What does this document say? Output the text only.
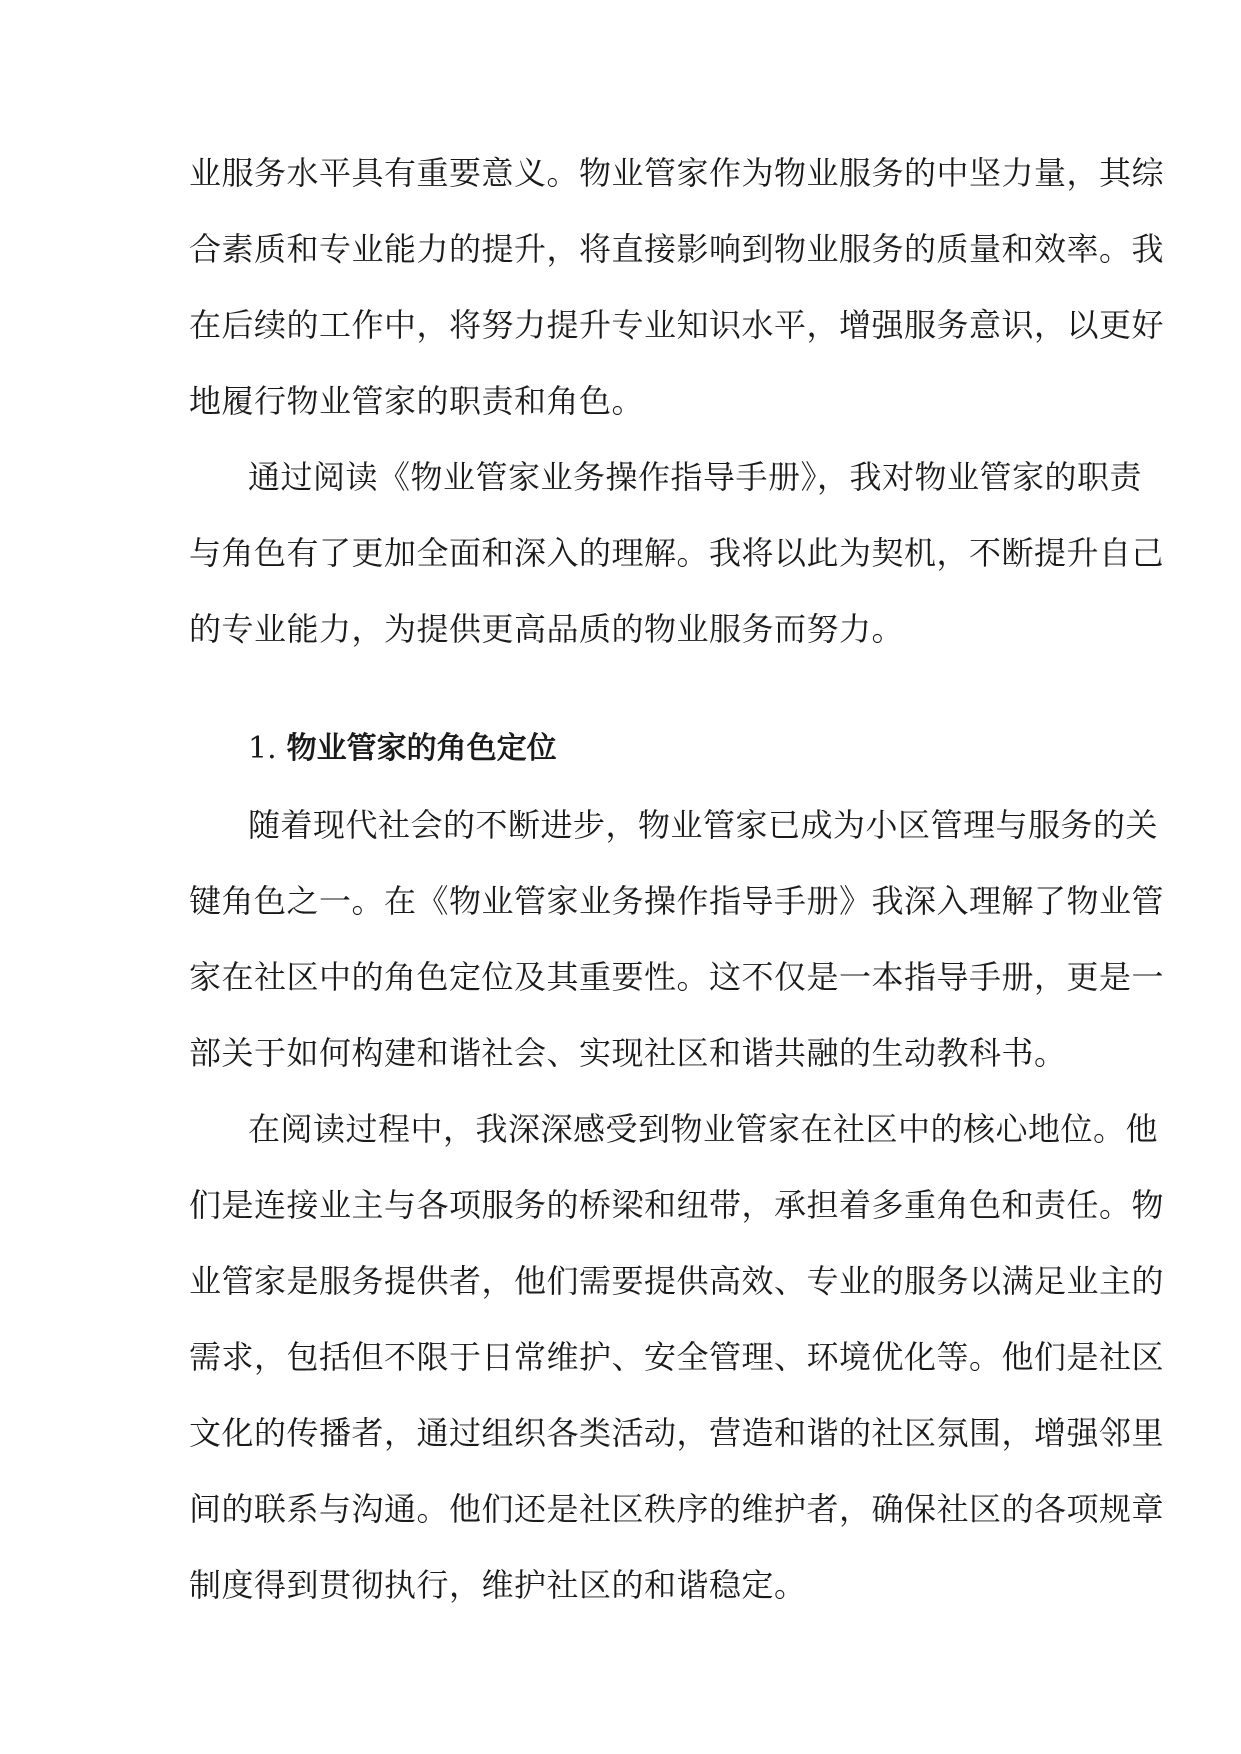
业服务水平具有重要意义。物业管家作为物业服务的中坚力量，其综
合素质和专业能力的提升，将直接影响到物业服务的质量和效率。我
在后续的工作中，将努力提升专业知识水平，增强服务意识，以更好
地履行物业管家的职责和角色。
通过阅读《物业管家业务操作指导手册》，我对物业管家的职责
与角色有了更加全面和深入的理解。我将以此为契机，不断提升自己
的专业能力，为提供更高品质的物业服务而努力。
1. 物业管家的角色定位
随着现代社会的不断进步，物业管家已成为小区管理与服务的关
键角色之一。在《物业管家业务操作指导手册》我深入理解了物业管
家在社区中的角色定位及其重要性。这不仅是一本指导手册，更是一
部关于如何构建和谐社会、实现社区和谐共融的生动教科书。
在阅读过程中，我深深感受到物业管家在社区中的核心地位。他
们是连接业主与各项服务的桥梁和纽带，承担着多重角色和责任。物
业管家是服务提供者，他们需要提供高效、专业的服务以满足业主的
需求，包括但不限于日常维护、安全管理、环境优化等。他们是社区
文化的传播者，通过组织各类活动，营造和谐的社区氛围，增强邻里
间的联系与沟通。他们还是社区秩序的维护者，确保社区的各项规章
制度得到贯彻执行，维护社区的和谐稳定。
